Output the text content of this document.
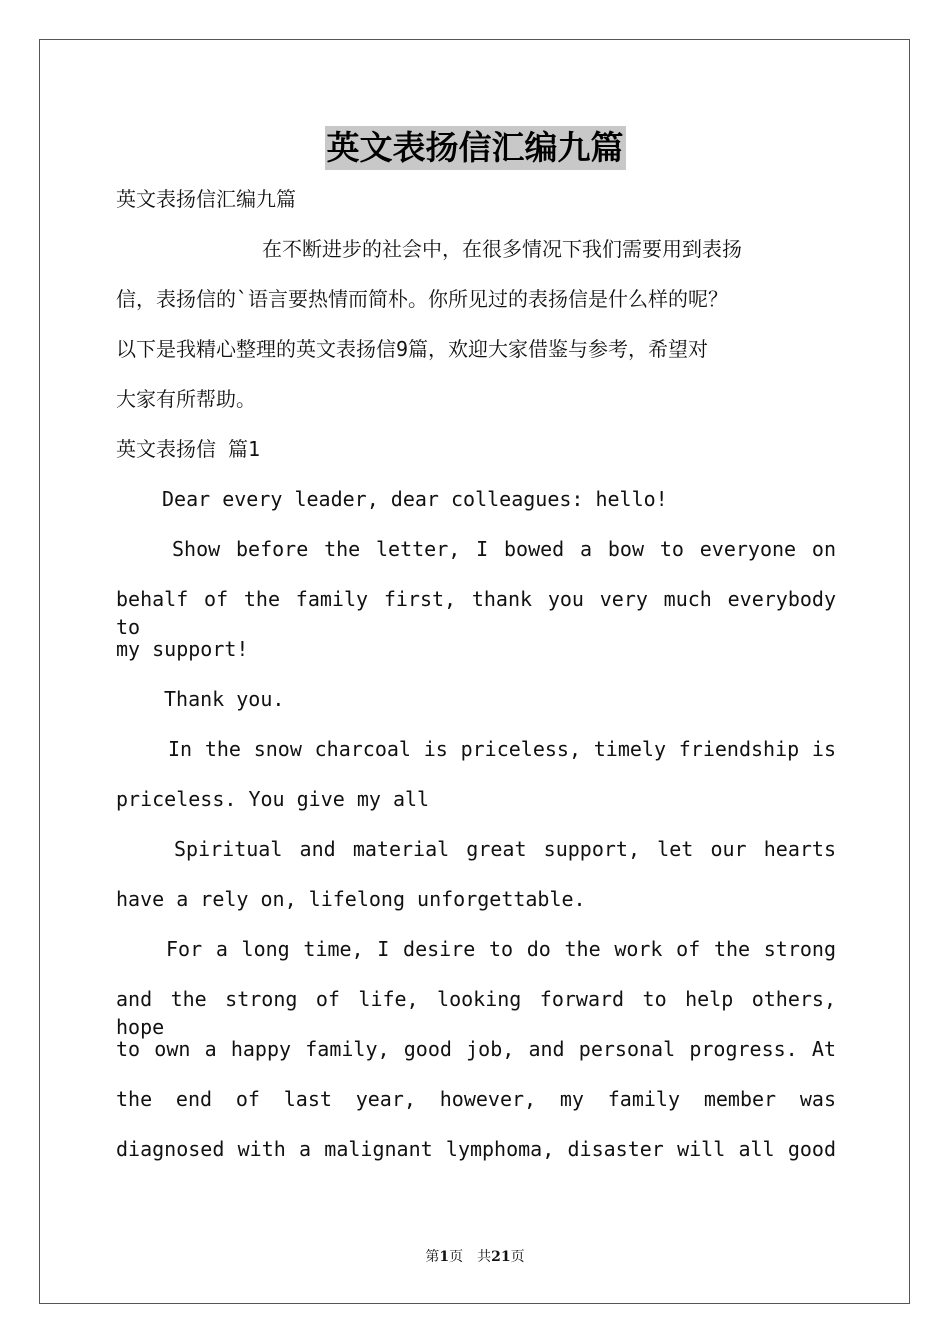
英文表扬信汇编九篇
英文表扬信汇编九篇
在不断进步的社会中，在很多情况下我们需要用到表扬
信，表扬信的`语言要热情而简朴。你所见过的表扬信是什么样的呢？
以下是我精心整理的英文表扬信9篇，欢迎大家借鉴与参考，希望对
大家有所帮助。
英文表扬信 篇1
Dear every leader, dear colleagues: hello!
Show before the letter, I bowed a bow to everyone on
behalf of the family first, thank you very much everybody to
my support!
Thank you.
In the snow charcoal is priceless, timely friendship is
priceless. You give my all
Spiritual and material great support, let our hearts
have a rely on, lifelong unforgettable.
For a long time, I desire to do the work of the strong
and the strong of life, looking forward to help others, hope
to own a happy family, good job, and personal progress. At
the end of last year, however, my family member was
diagnosed with a malignant lymphoma, disaster will all good
第1页　共21页
